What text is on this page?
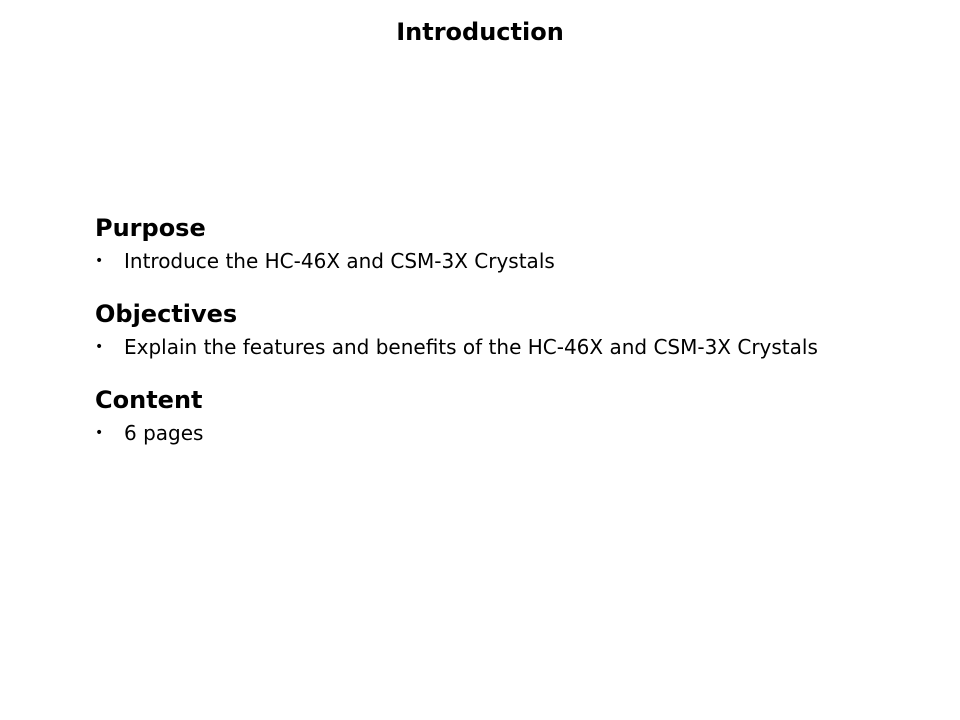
Introduction
Purpose
• Introduce the HC-46X and CSM-3X Crystals
Objectives
• Explain the features and benefits of the HC-46X and CSM-3X Crystals
Content
• 6 pages
